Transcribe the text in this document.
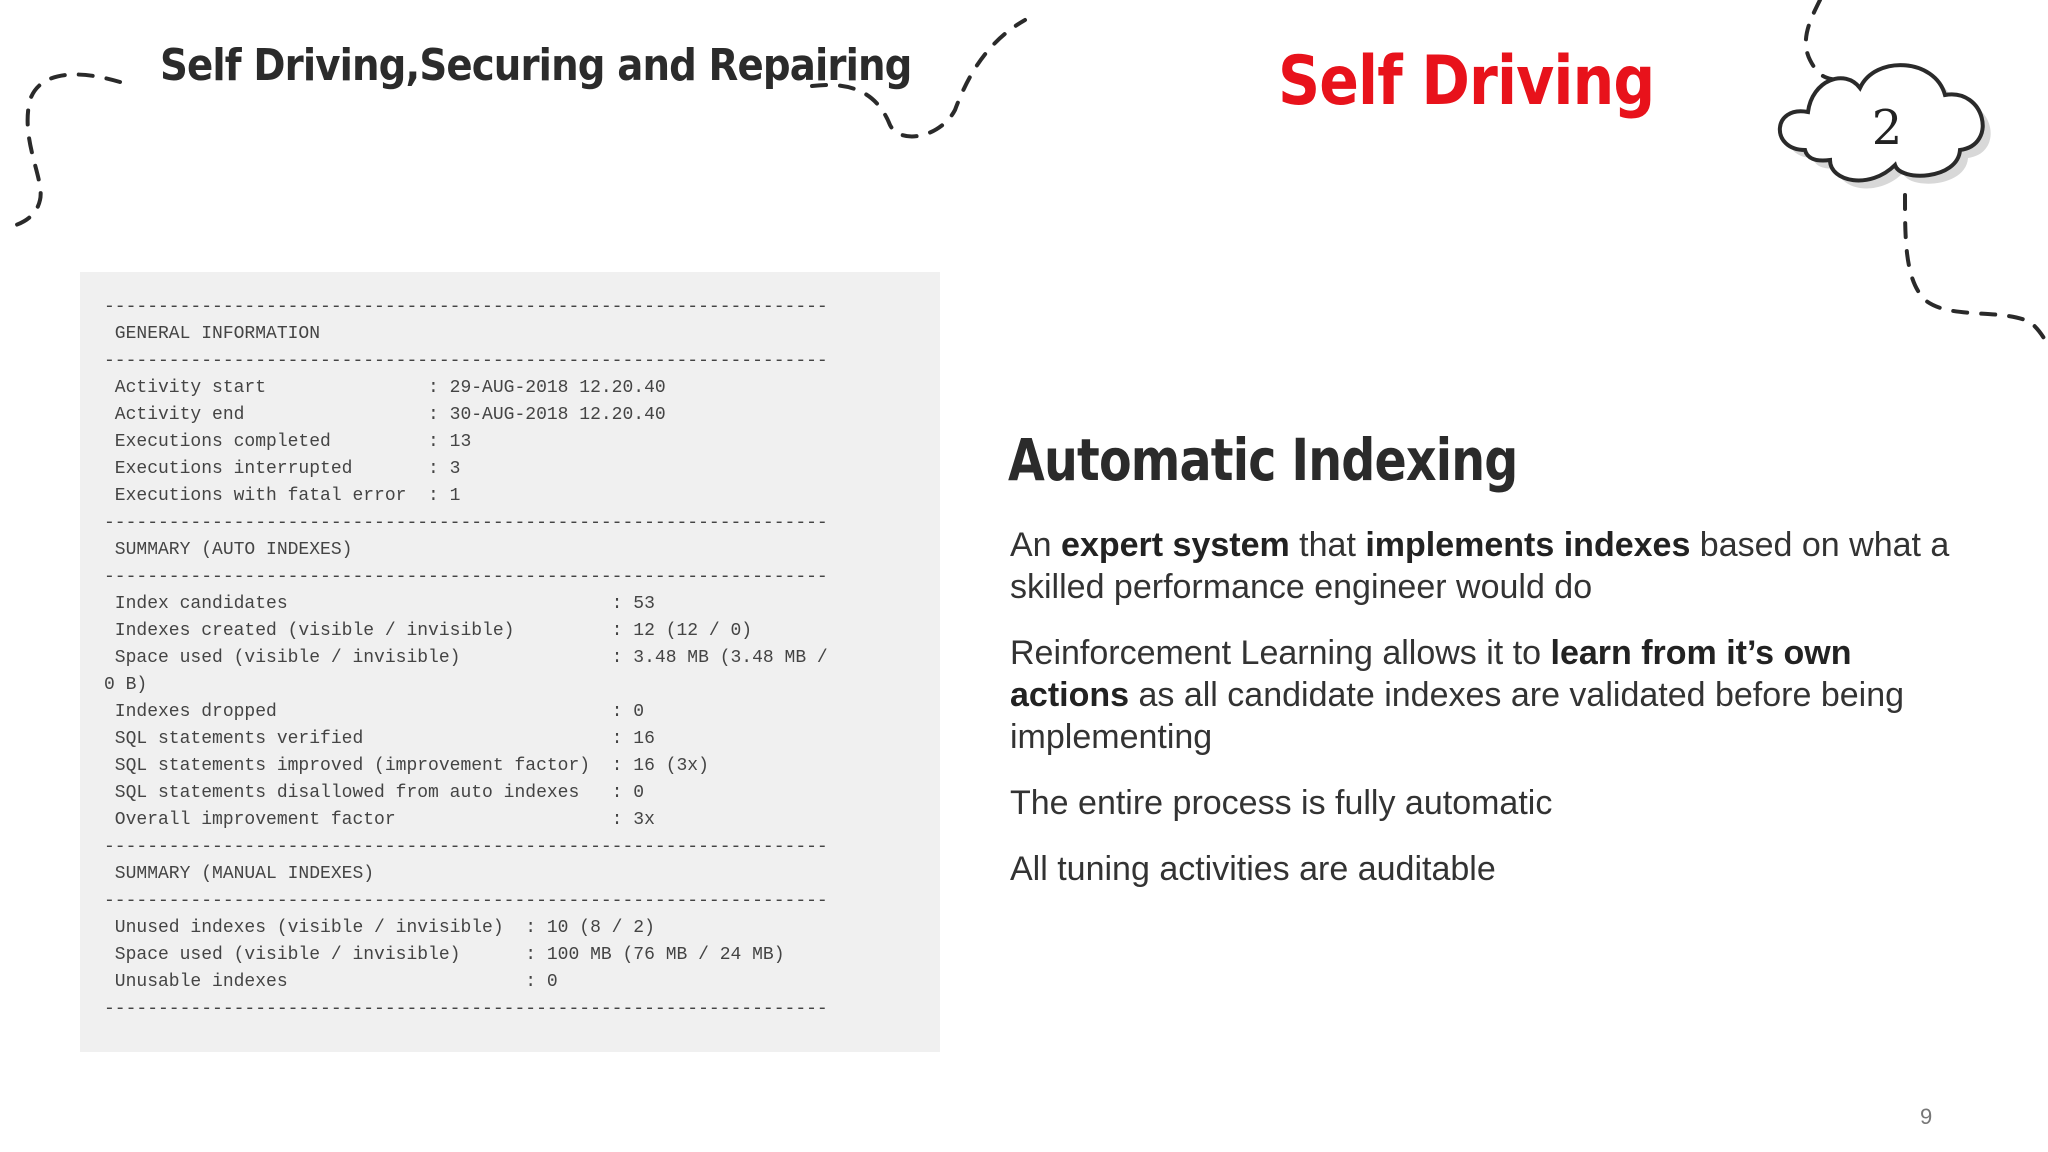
Self Driving,Securing and Repairing	Self Driving
2
-------------------------------------------------------------------
GENERAL INFORMATION
-------------------------------------------------------------------
Activity start               : 29-AUG-2018 12.20.40
Activity end                 : 30-AUG-2018 12.20.40
Executions completed         : 13
Executions interrupted       : 3
Executions with fatal error  : 1
-------------------------------------------------------------------
SUMMARY (AUTO INDEXES)
-------------------------------------------------------------------
Index candidates                              : 53
Indexes created (visible / invisible)         : 12 (12 / 0)
Space used (visible / invisible)              : 3.48 MB (3.48 MB /
0 B)
Indexes dropped                               : 0
SQL statements verified                       : 16
SQL statements improved (improvement factor)  : 16 (3x)
SQL statements disallowed from auto indexes   : 0
Overall improvement factor                    : 3x
-------------------------------------------------------------------
SUMMARY (MANUAL INDEXES)
-------------------------------------------------------------------
Unused indexes (visible / invisible)  : 10 (8 / 2)
Space used (visible / invisible)      : 100 MB (76 MB / 24 MB)
Unusable indexes                      : 0
-------------------------------------------------------------------
Automatic Indexing

An expert system that implements indexes based on what a skilled performance engineer would do

Reinforcement Learning allows it to learn from it’s own actions as all candidate indexes are validated before being implementing

The entire process is fully automatic

All tuning activities are auditable

9
